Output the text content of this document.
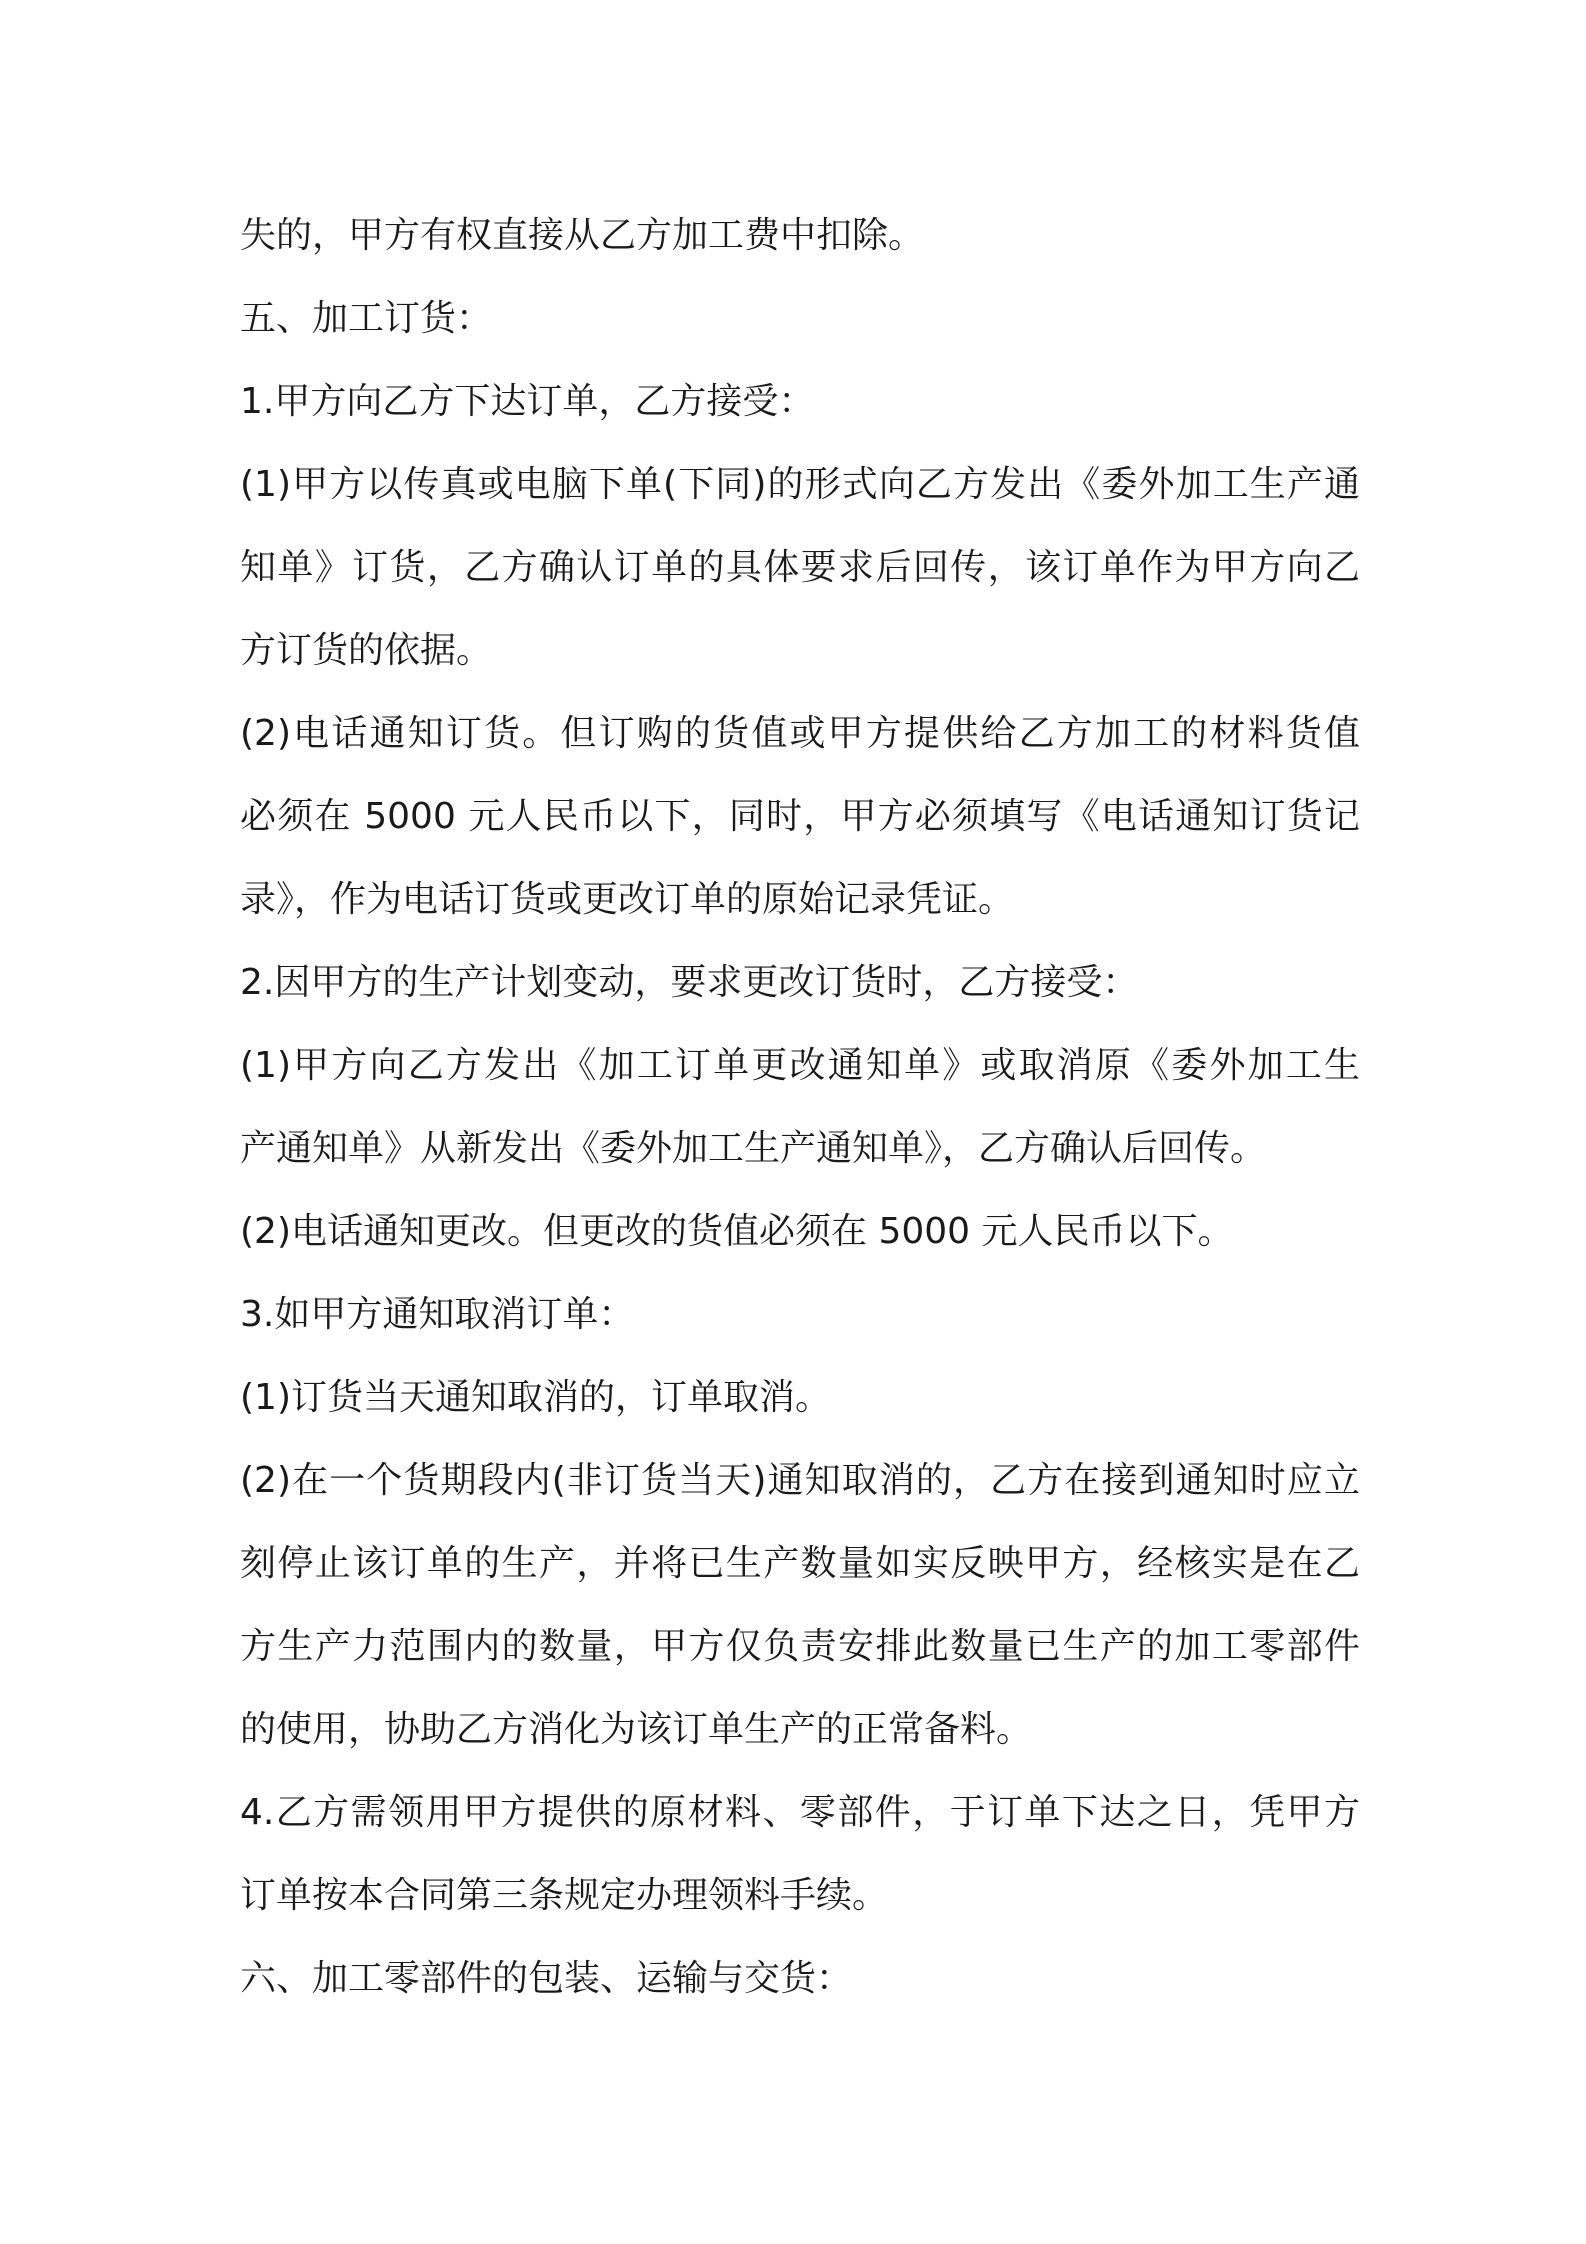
失的，甲方有权直接从乙方加工费中扣除。
五、加工订货：
1.甲方向乙方下达订单，乙方接受：
(1)甲方以传真或电脑下单(下同)的形式向乙方发出《委外加工生产通
知单》订货，乙方确认订单的具体要求后回传，该订单作为甲方向乙
方订货的依据。
(2)电话通知订货。但订购的货值或甲方提供给乙方加工的材料货值
必须在 5000 元人民币以下，同时，甲方必须填写《电话通知订货记
录》，作为电话订货或更改订单的原始记录凭证。
2.因甲方的生产计划变动，要求更改订货时，乙方接受：
(1)甲方向乙方发出《加工订单更改通知单》或取消原《委外加工生
产通知单》从新发出《委外加工生产通知单》，乙方确认后回传。
(2)电话通知更改。但更改的货值必须在 5000 元人民币以下。
3.如甲方通知取消订单：
(1)订货当天通知取消的，订单取消。
(2)在一个货期段内(非订货当天)通知取消的，乙方在接到通知时应立
刻停止该订单的生产，并将已生产数量如实反映甲方，经核实是在乙
方生产力范围内的数量，甲方仅负责安排此数量已生产的加工零部件
的使用，协助乙方消化为该订单生产的正常备料。
4.乙方需领用甲方提供的原材料、零部件，于订单下达之日，凭甲方
订单按本合同第三条规定办理领料手续。
六、加工零部件的包装、运输与交货：
